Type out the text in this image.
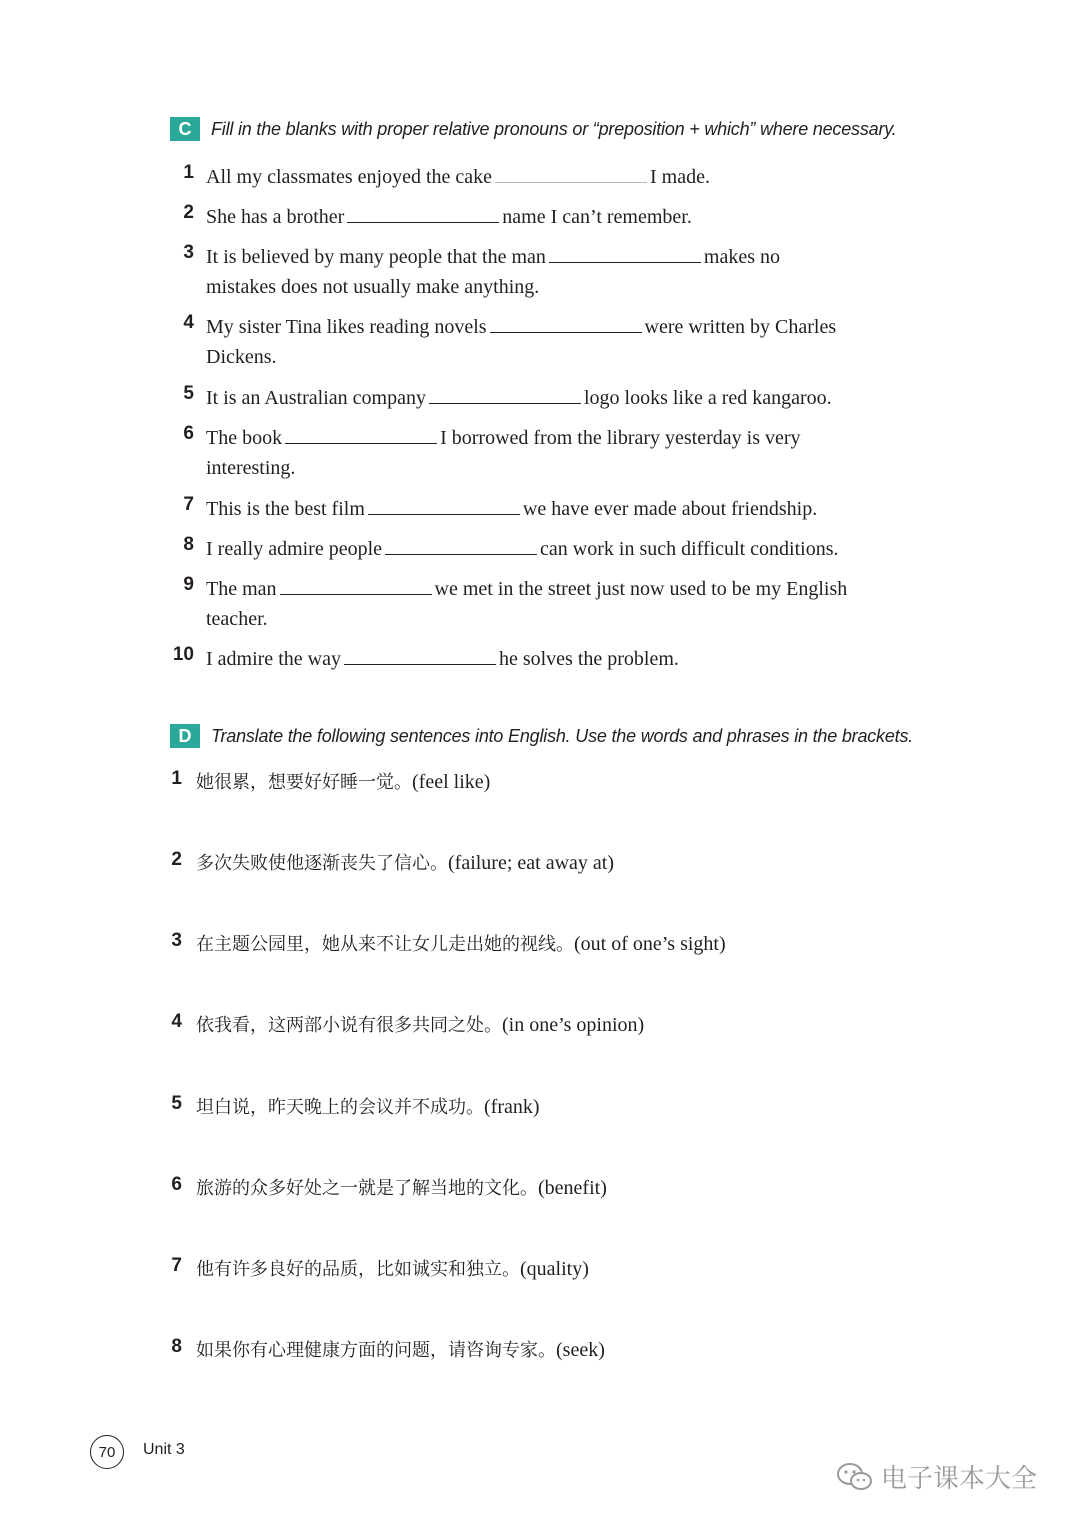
C	Fill in the blanks with proper relative pronouns or “preposition + which” where necessary.
1 All my classmates enjoyed the cake	I made.
2 She has a brother	name I can’t remember.
3 It is believed by many people that the man	makes no
mistakes does not usually make anything.
4 My sister Tina likes reading novels	were written by Charles
Dickens.
5 It is an Australian company	logo looks like a red kangaroo.
6 The book	I borrowed from the library yesterday is very
interesting.
7 This is the best film	we have ever made about friendship.
8 I really admire people	can work in such difficult conditions.
9 The man	we met in the street just now used to be my English
teacher.
10 I admire the way	he solves the problem.
D	Translate the following sentences into English. Use the words and phrases in the brackets.
1 她很累，想要好好睡一觉。(feel like)
2 多次失败使他逐渐丧失了信心。(failure; eat away at)
3 在主题公园里，她从来不让女儿走出她的视线。(out of one’s sight)
4 依我看，这两部小说有很多共同之处。(in one’s opinion)
5 坦白说，昨天晚上的会议并不成功。(frank)
6 旅游的众多好处之一就是了解当地的文化。(benefit)
7 他有许多良好的品质，比如诚实和独立。(quality)
8 如果你有心理健康方面的问题，请咨询专家。(seek)
70	Unit 3
电子课本大全
